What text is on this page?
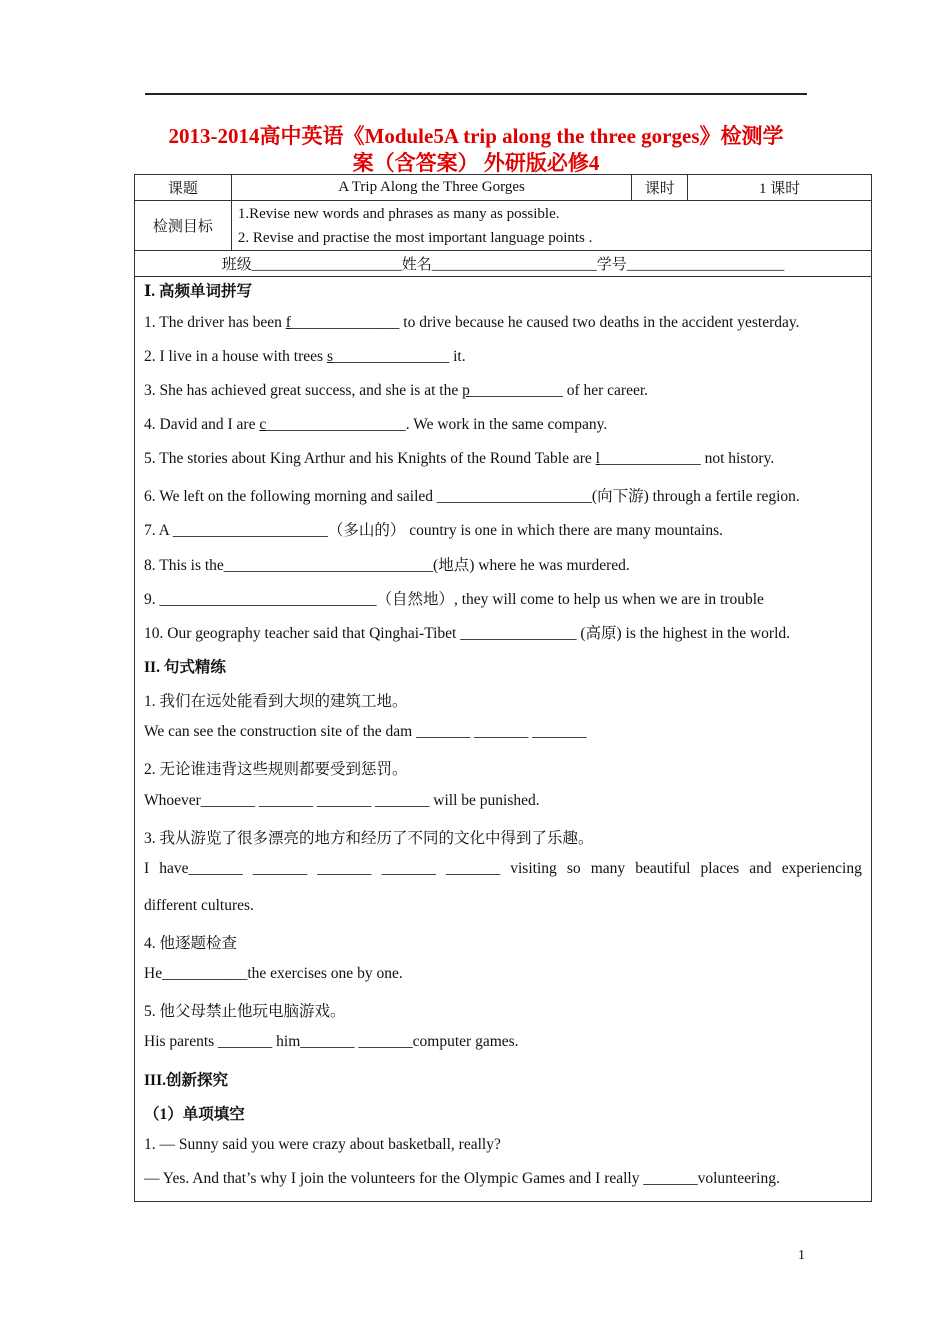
2013-2014高中英语《Module5A trip along the three gorges》检测学
案（含答案） 外研版必修4
课题	A Trip Along the Three Gorges	课时	1 课时
检测目标	1.Revise new words and phrases as many as possible.
2. Revise and practise the most important language points .		

班级____________________姓名______________________学号_____________________			
Ⅰ. 高频单词拼写
1. The driver has been f______________ to drive because he caused two deaths in the accident yesterday.
2. I live in a house with trees s_______________ it.
3. She has achieved great success, and she is at the p____________ of her career.
4. David and I are c__________________. We work in the same company.
5. The stories about King Arthur and his Knights of the Round Table are l_____________ not history.
6. We left on the following morning and sailed ____________________(向下游) through a fertile region.
7. A ____________________（多山的） country is one in which there are many mountains.
8. This is the___________________________(地点) where he was murdered.
9. ____________________________（自然地）, they will come to help us when we are in trouble
10. Our geography teacher said that Qinghai-Tibet _______________ (高原) is the highest in the world.
II. 句式精练
1. 我们在远处能看到大坝的建筑工地。
We can see the construction site of the dam _______ _______ _______
2. 无论谁违背这些规则都要受到惩罚。
Whoever_______ _______ _______ _______ will be punished.
3. 我从游览了很多漂亮的地方和经历了不同的文化中得到了乐趣。
I have_______ _______ _______ _______ _______ visiting so many beautiful places and experiencing
different cultures.
4. 他逐题检查
He___________the exercises one by one.
5. 他父母禁止他玩电脑游戏。
His parents _______ him_______ _______computer games.
III.创新探究
（1）单项填空
1. — Sunny said you were crazy about basketball, really?
— Yes. And that’s why I join the volunteers for the Olympic Games and I really _______volunteering.
1
